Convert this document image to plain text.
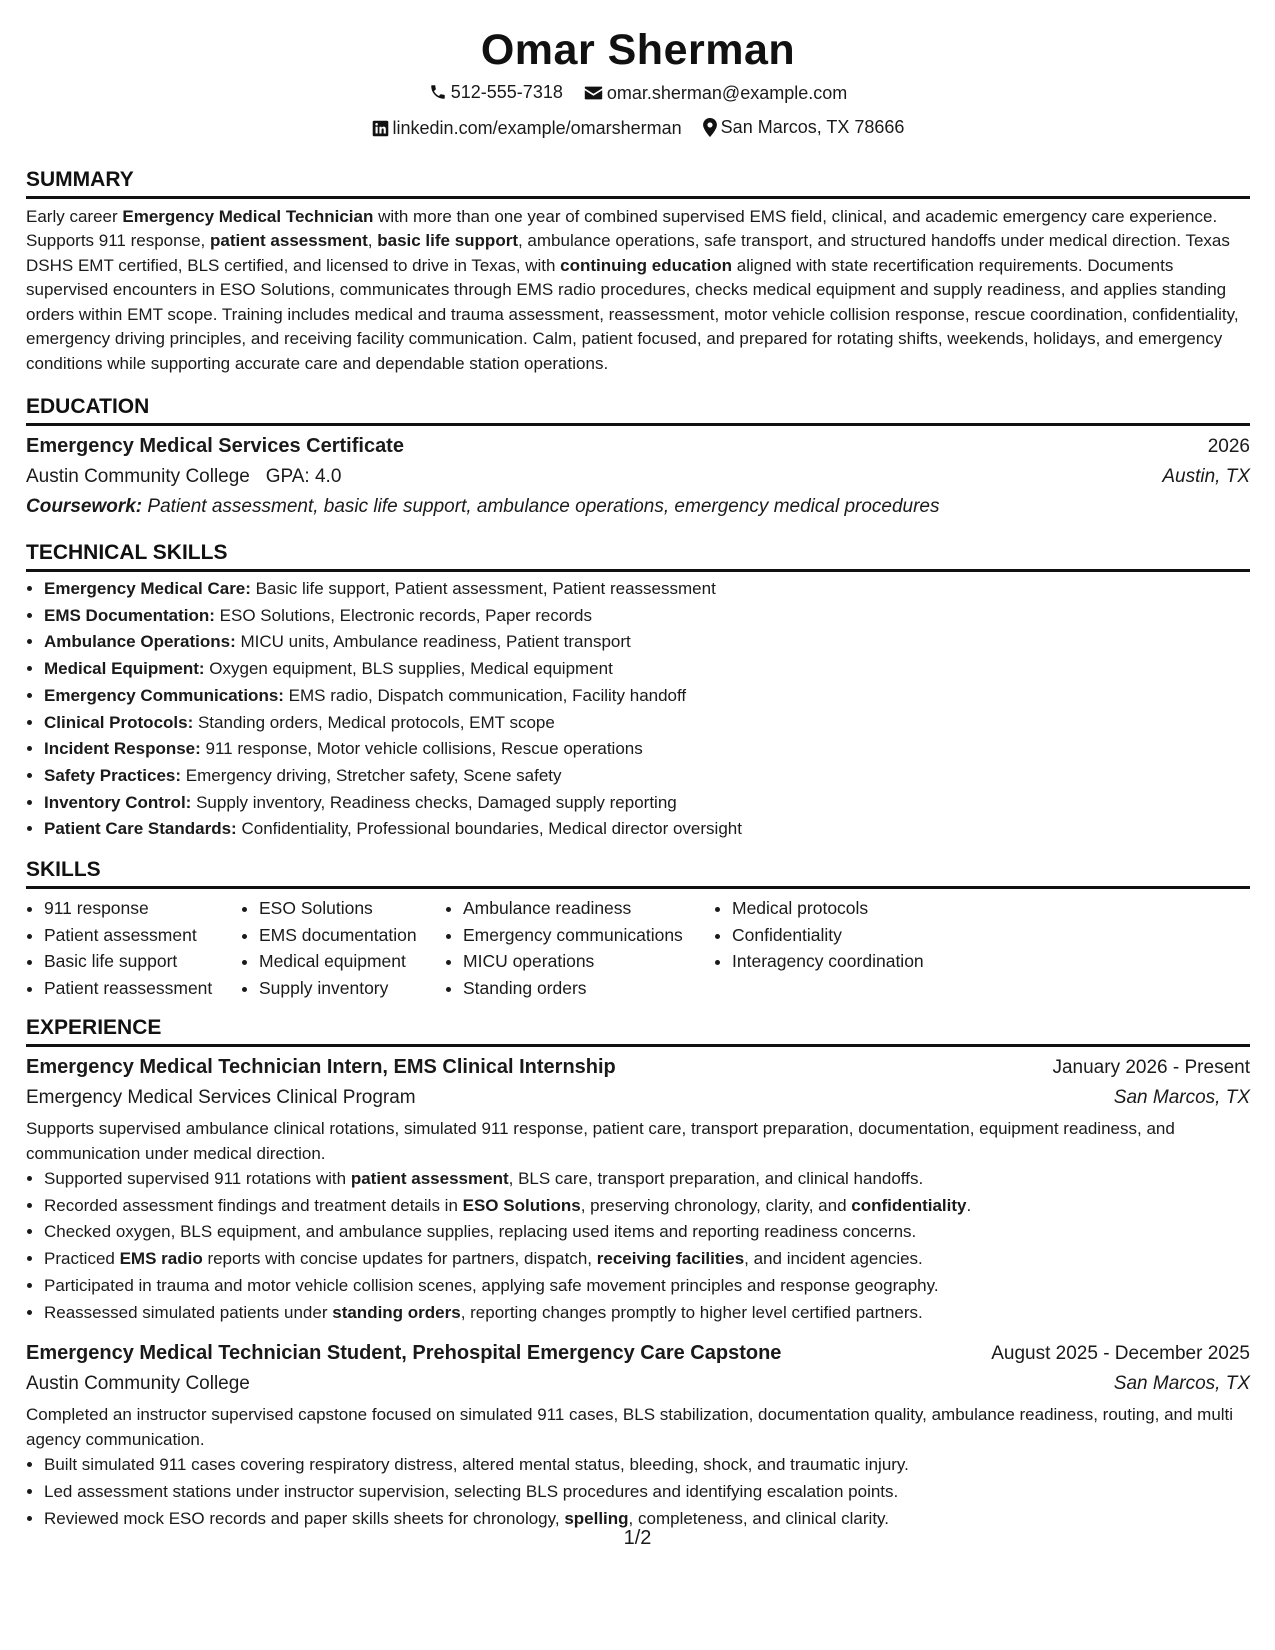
Omar Sherman
512-555-7318
omar.sherman@example.com
linkedin.com/example/omarsherman
San Marcos, TX 78666
SUMMARY
Early career Emergency Medical Technician with more than one year of combined supervised EMS field, clinical, and academic emergency care experience. Supports 911 response, patient assessment, basic life support, ambulance operations, safe transport, and structured handoffs under medical direction. Texas DSHS EMT certified, BLS certified, and licensed to drive in Texas, with continuing education aligned with state recertification requirements. Documents supervised encounters in ESO Solutions, communicates through EMS radio procedures, checks medical equipment and supply readiness, and applies standing orders within EMT scope. Training includes medical and trauma assessment, reassessment, motor vehicle collision response, rescue coordination, confidentiality, emergency driving principles, and receiving facility communication. Calm, patient focused, and prepared for rotating shifts, weekends, holidays, and emergency conditions while supporting accurate care and dependable station operations.
EDUCATION
Emergency Medical Services Certificate	2026
Austin Community College GPA: 4.0	Austin, TX
Coursework: Patient assessment, basic life support, ambulance operations, emergency medical procedures
TECHNICAL SKILLS
• Emergency Medical Care: Basic life support, Patient assessment, Patient reassessment
• EMS Documentation: ESO Solutions, Electronic records, Paper records
• Ambulance Operations: MICU units, Ambulance readiness, Patient transport
• Medical Equipment: Oxygen equipment, BLS supplies, Medical equipment
• Emergency Communications: EMS radio, Dispatch communication, Facility handoff
• Clinical Protocols: Standing orders, Medical protocols, EMT scope
• Incident Response: 911 response, Motor vehicle collisions, Rescue operations
• Safety Practices: Emergency driving, Stretcher safety, Scene safety
• Inventory Control: Supply inventory, Readiness checks, Damaged supply reporting
• Patient Care Standards: Confidentiality, Professional boundaries, Medical director oversight
SKILLS
• 911 response
• Patient assessment
• Basic life support
• Patient reassessment
• ESO Solutions
• EMS documentation
• Medical equipment
• Supply inventory
• Ambulance readiness
• Emergency communications
• MICU operations
• Standing orders
• Medical protocols
• Confidentiality
• Interagency coordination
EXPERIENCE
Emergency Medical Technician Intern, EMS Clinical Internship	January 2026 - Present
Emergency Medical Services Clinical Program	San Marcos, TX
Supports supervised ambulance clinical rotations, simulated 911 response, patient care, transport preparation, documentation, equipment readiness, and communication under medical direction.
• Supported supervised 911 rotations with patient assessment, BLS care, transport preparation, and clinical handoffs.
• Recorded assessment findings and treatment details in ESO Solutions, preserving chronology, clarity, and confidentiality.
• Checked oxygen, BLS equipment, and ambulance supplies, replacing used items and reporting readiness concerns.
• Practiced EMS radio reports with concise updates for partners, dispatch, receiving facilities, and incident agencies.
• Participated in trauma and motor vehicle collision scenes, applying safe movement principles and response geography.
• Reassessed simulated patients under standing orders, reporting changes promptly to higher level certified partners.
Emergency Medical Technician Student, Prehospital Emergency Care Capstone	August 2025 - December 2025
Austin Community College	San Marcos, TX
Completed an instructor supervised capstone focused on simulated 911 cases, BLS stabilization, documentation quality, ambulance readiness, routing, and multi agency communication.
• Built simulated 911 cases covering respiratory distress, altered mental status, bleeding, shock, and traumatic injury.
• Led assessment stations under instructor supervision, selecting BLS procedures and identifying escalation points.
• Reviewed mock ESO records and paper skills sheets for chronology, spelling, completeness, and clinical clarity.
1/2
